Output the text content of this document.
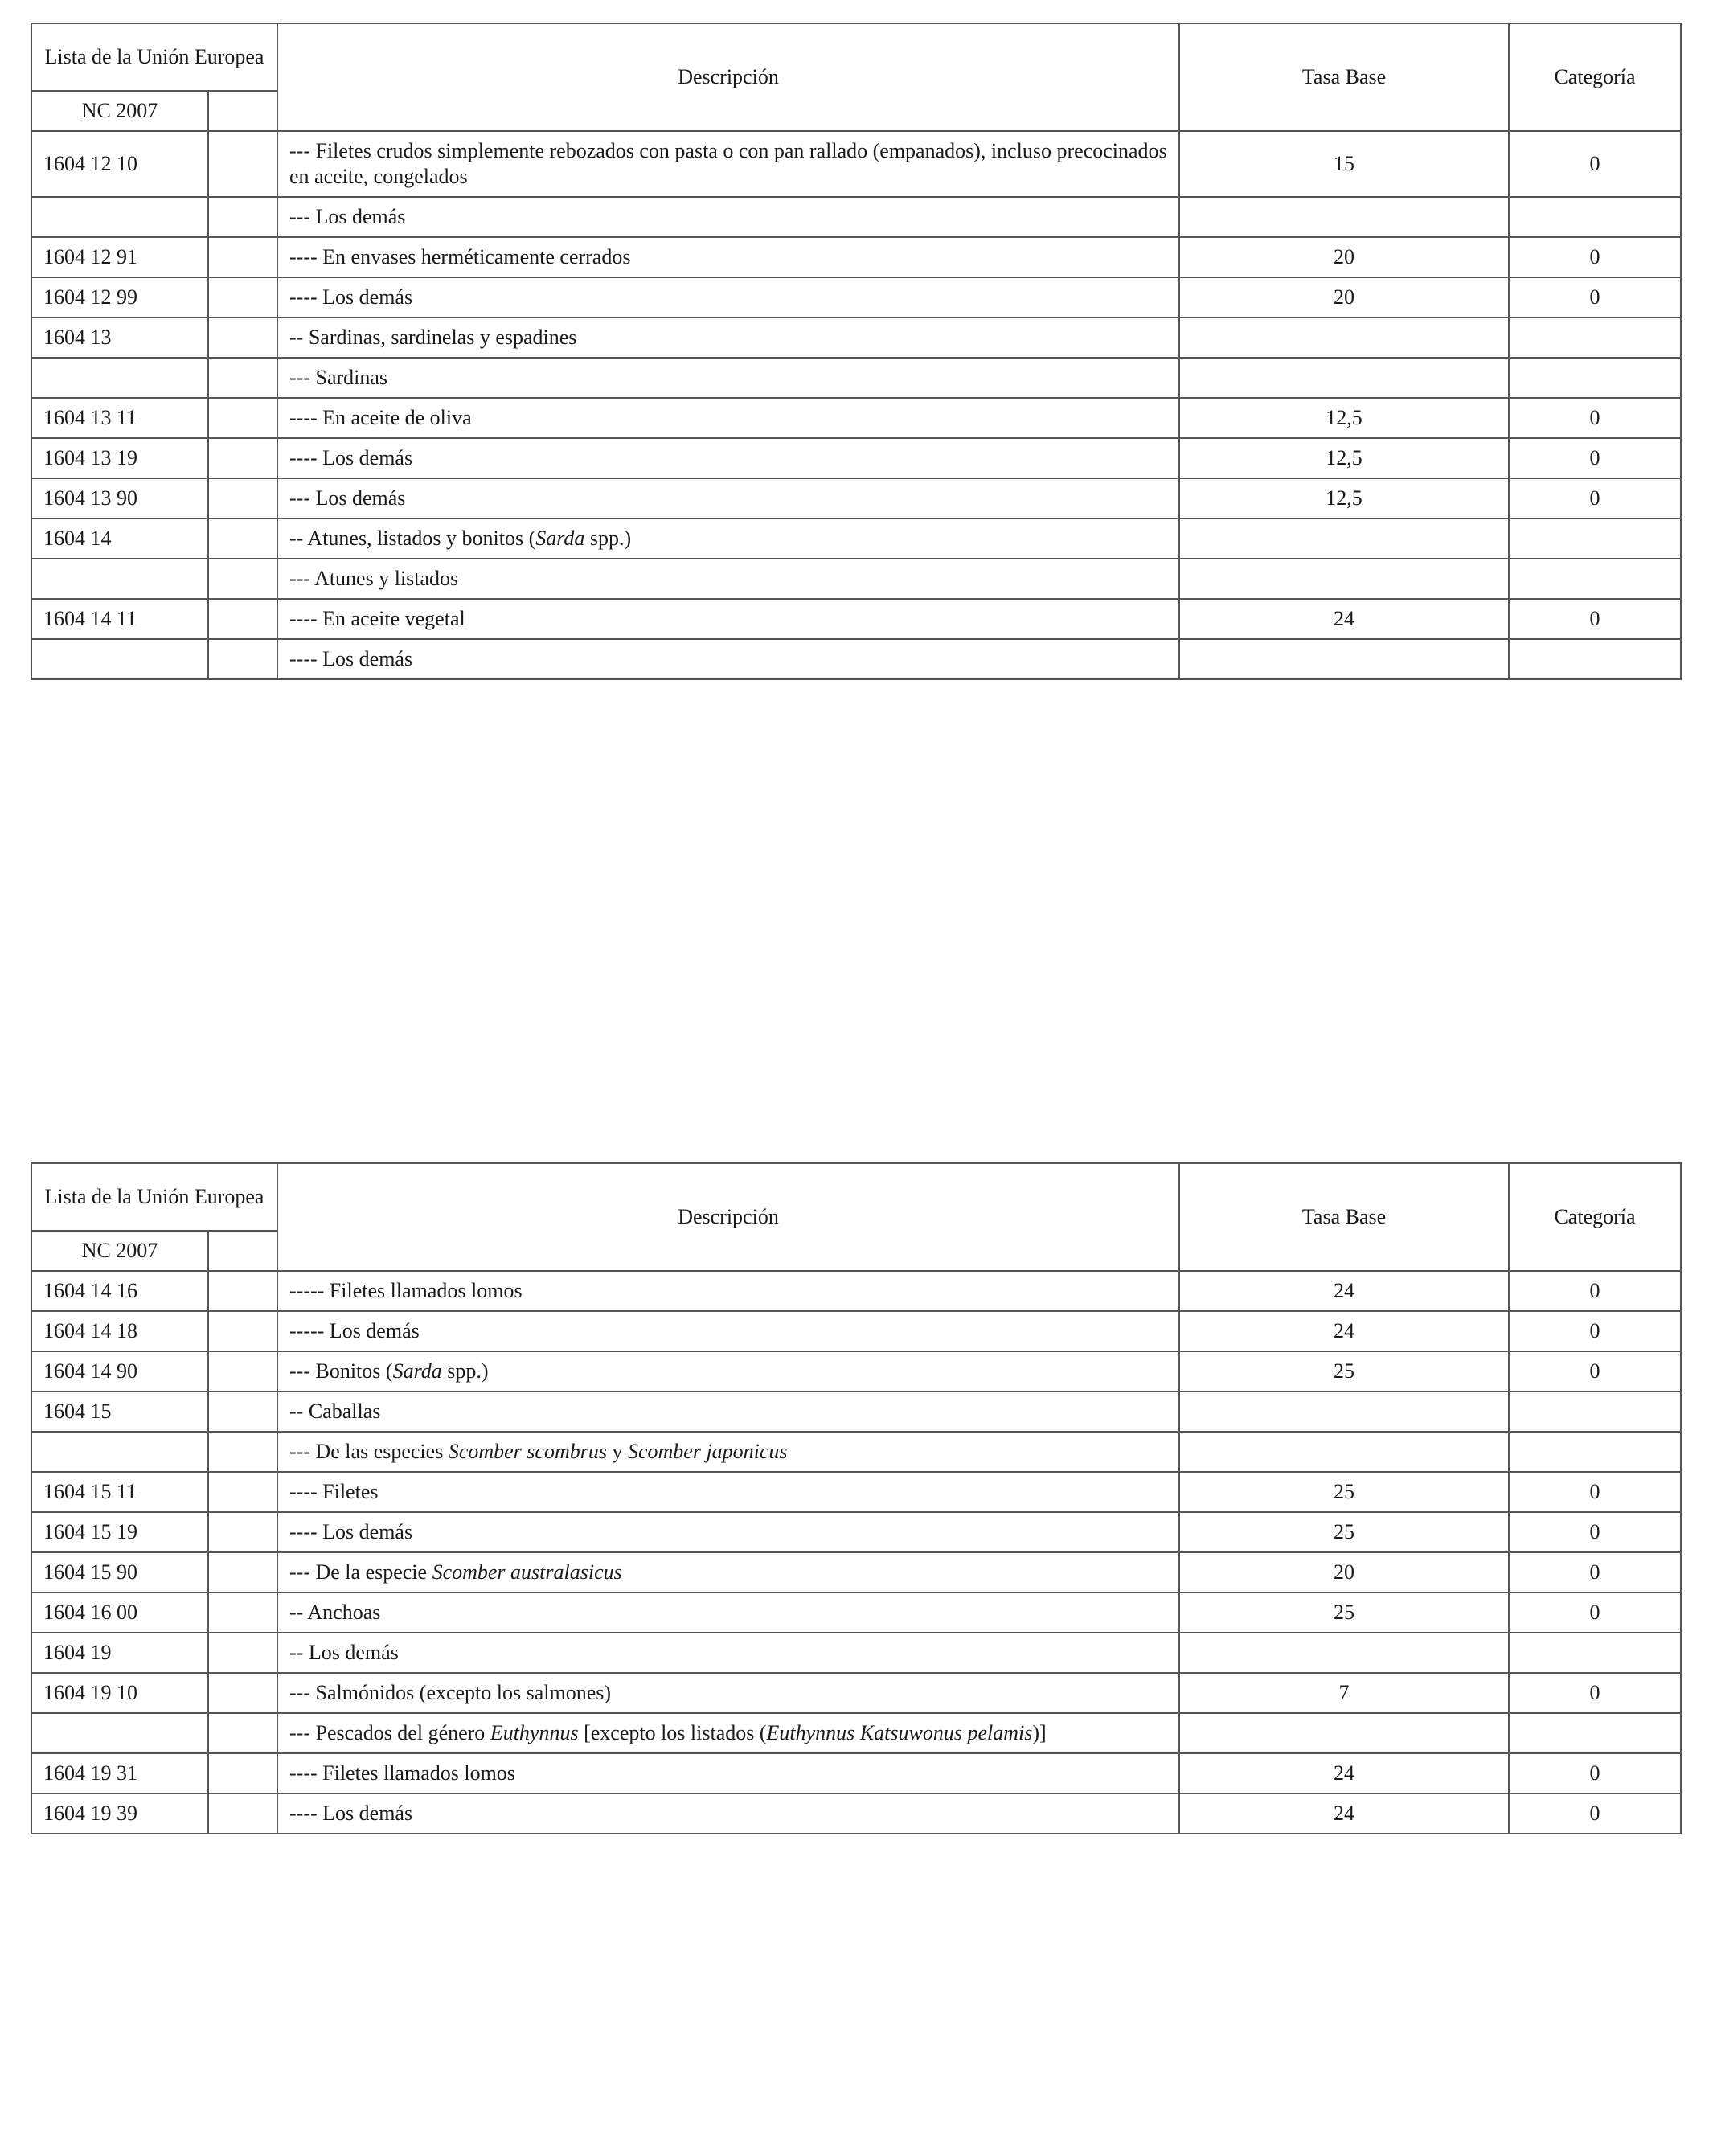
Lista de la Unión Europea		Descripción	Tasa Base	Categoría
NC 2007				
1604 12 10		--- Filetes crudos simplemente rebozados con pasta o con pan rallado (empanados), incluso precocinados en aceite, congelados	15	0
		--- Los demás		
1604 12 91		---- En envases herméticamente cerrados	20	0
1604 12 99		---- Los demás	20	0
1604 13		-- Sardinas, sardinelas y espadines		
		--- Sardinas		
1604 13 11		---- En aceite de oliva	12,5	0
1604 13 19		---- Los demás	12,5	0
1604 13 90		--- Los demás	12,5	0
1604 14		-- Atunes, listados y bonitos (Sarda spp.)		
		--- Atunes y listados		
1604 14 11		---- En aceite vegetal	24	0
		---- Los demás		
Lista de la Unión Europea		Descripción	Tasa Base	Categoría
NC 2007				
1604 14 16		----- Filetes llamados lomos	24	0
1604 14 18		----- Los demás	24	0
1604 14 90		--- Bonitos (Sarda spp.)	25	0
1604 15		-- Caballas		
		--- De las especies Scomber scombrus y Scomber japonicus		
1604 15 11		---- Filetes	25	0
1604 15 19		---- Los demás	25	0
1604 15 90		--- De la especie Scomber australasicus	20	0
1604 16 00		-- Anchoas	25	0
1604 19		-- Los demás		
1604 19 10		--- Salmónidos (excepto los salmones)	7	0
		--- Pescados del género Euthynnus [excepto los listados (Euthynnus Katsuwonus pelamis)]		
1604 19 31		---- Filetes llamados lomos	24	0
1604 19 39		---- Los demás	24	0
